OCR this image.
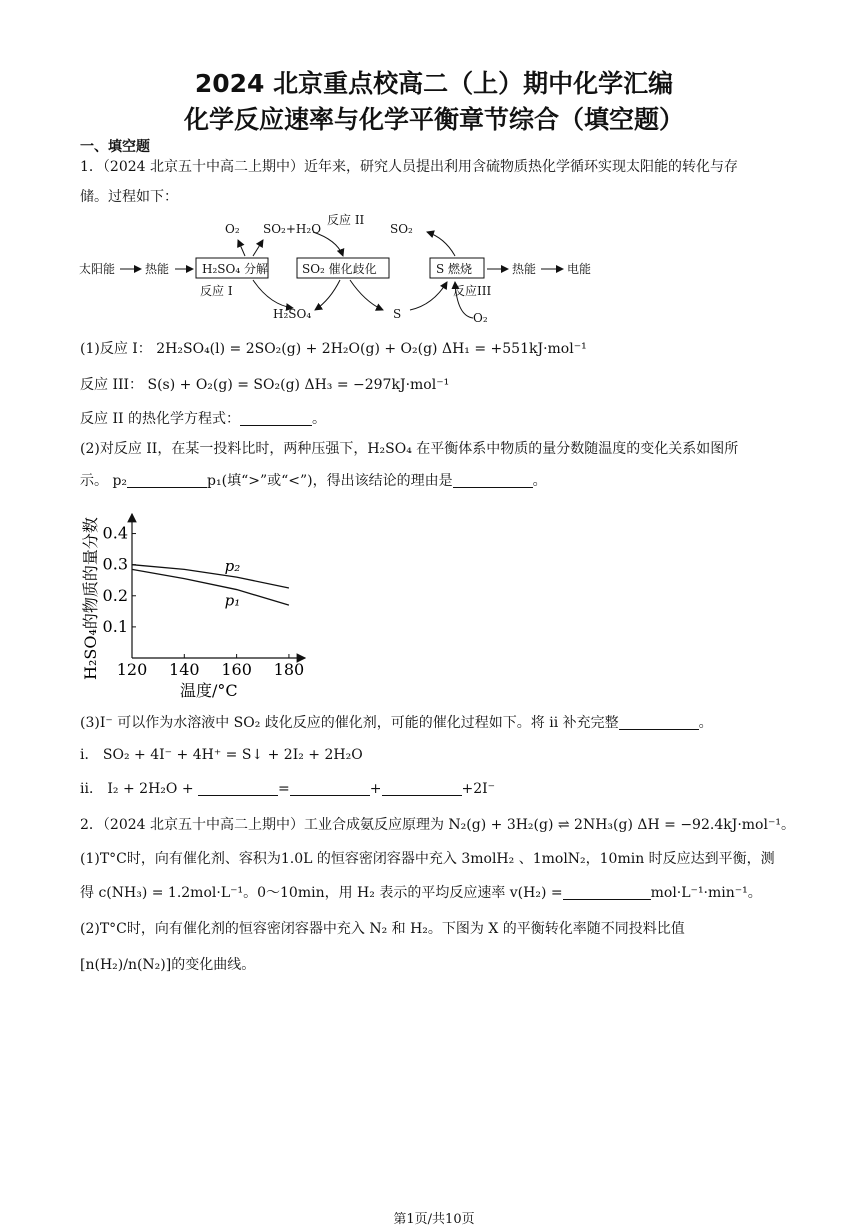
2024 北京重点校高二（上）期中化学汇编
化学反应速率与化学平衡章节综合（填空题）
一、填空题
1．（2024 北京五十中高二上期中）近年来，研究人员提出利用含硫物质热化学循环实现太阳能的转化与存
储。过程如下：
太阳能 热能	H₂SO₄ 分解	SO₂ 催化歧化	S 燃烧	热能	电能
O₂ SO₂+H₂O
反应 II
SO₂
反应 I
H₂SO₄	S
反应III
O₂
(1)反应 I： 2H₂SO₄(l) = 2SO₂(g) + 2H₂O(g) + O₂(g) ΔH₁ = +551kJ·mol⁻¹
反应 III： S(s) + O₂(g) = SO₂(g) ΔH₃ = −297kJ·mol⁻¹
反应 II 的热化学方程式：	。
(2)对反应 II，在某一投料比时，两种压强下，H₂SO₄ 在平衡体系中物质的量分数随温度的变化关系如图所
示。 p₂	p₁(填“>”或“<”)，得出该结论的理由是	。
H₂SO₄的物质的量分数
温度/°C
120 140 160 180
0.1
0.2
0.3
0.4
p₂
p₁
(3)I⁻ 可以作为水溶液中 SO₂ 歧化反应的催化剂，可能的催化过程如下。将 ii 补充完整	。
i． SO₂ + 4I⁻ + 4H⁺ = S↓ + 2I₂ + 2H₂O
ii． I₂ + 2H₂O +	=	+	+2I⁻
2．（2024 北京五十中高二上期中）工业合成氨反应原理为 N₂(g) + 3H₂(g) ⇌ 2NH₃(g) ΔH = −92.4kJ·mol⁻¹。
(1)T°C时，向有催化剂、容积为1.0L 的恒容密闭容器中充入 3molH₂ 、1molN₂，10min 时反应达到平衡，测
得 c(NH₃) = 1.2mol·L⁻¹。0～10min，用 H₂ 表示的平均反应速率 v(H₂) =	mol·L⁻¹·min⁻¹。
(2)T°C时，向有催化剂的恒容密闭容器中充入 N₂ 和 H₂。下图为 X 的平衡转化率随不同投料比值
[n(H₂)/n(N₂)]的变化曲线。
第1页/共10页
